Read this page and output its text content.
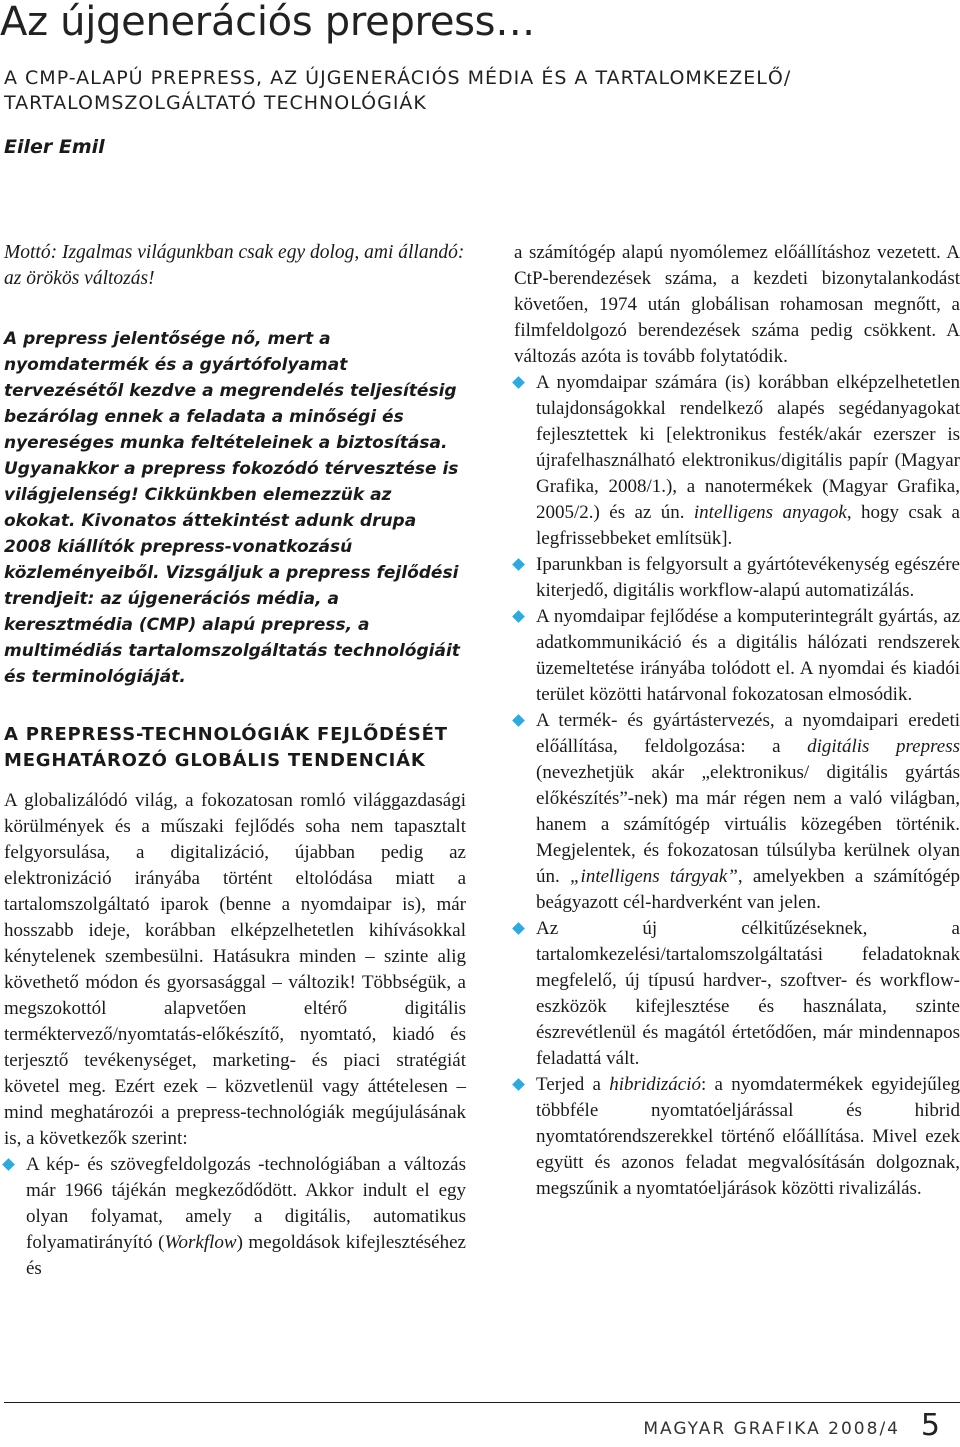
Az újgenerációs prepress…

A CMP-ALAPÚ PREPRESS, AZ ÚJGENERÁCIÓS MÉDIA ÉS A TARTALOMKEZELŐ/ TARTALOMSZOLGÁLTATÓ TECHNOLÓGIÁK

Eiler Emil

Mottó: Izgalmas világunkban csak egy dolog, ami állandó: az örökös változás!

A prepress jelentősége nő, mert a nyomdatermék és a gyártófolyamat tervezésétől kezdve a megrendelés teljesítésig bezárólag ennek a feladata a minőségi és nyereséges munka feltételeinek a biztosítása. Ugyanakkor a prepress fokozódó térvesztése is világjelenség! Cikkünkben elemezzük az okokat. Kivonatos áttekintést adunk drupa 2008 kiállítók prepress-vonatkozású közleményeiből. Vizsgáljuk a prepress fejlődési trendjeit: az újgenerációs média, a keresztmédia (CMP) alapú prepress, a multimédiás tartalomszolgáltatás technológiáit és terminológiáját.

A PREPRESS-TECHNOLÓGIÁK FEJLŐDÉSÉT MEGHATÁROZÓ GLOBÁLIS TENDENCIÁK

A globalizálódó világ, a fokozatosan romló világgazdasági körülmények és a műszaki fejlődés soha nem tapasztalt felgyorsulása, a digitalizáció, újabban pedig az elektronizáció irányába történt eltolódása miatt a tartalomszolgáltató iparok (benne a nyomdaipar is), már hosszabb ideje, korábban elképzelhetetlen kihívásokkal kénytelenek szembesülni. Hatásukra minden – szinte alig követhető módon és gyorsasággal – változik! Többségük, a megszokottól alapvetően eltérő digitális terméktervező/nyomtatás-előkészítő, nyomtató, kiadó és terjesztő tevékenységet, marketing- és piaci stratégiát követel meg. Ezért ezek – közvetlenül vagy áttételesen – mind meghatározói a prepress-technológiák megújulásának is, a következők szerint:

A kép- és szövegfeldolgozás -technológiában a változás már 1966 tájékán megkeződődött. Akkor indult el egy olyan folyamat, amely a digitális, automatikus folyamatirányító (Workflow) megoldások kifejlesztéséhez és

a számítógép alapú nyomólemez előállításhoz vezetett. A CtP-berendezések száma, a kezdeti bizonytalankodást követően, 1974 után globálisan rohamosan megnőtt, a filmfeldolgozó berendezések száma pedig csökkent. A változás azóta is tovább folytatódik.

A nyomdaipar számára (is) korábban elképzelhetetlen tulajdonságokkal rendelkező alapés segédanyagokat fejlesztettek ki [elektronikus festék/akár ezerszer is újrafelhasználható elektronikus/digitális papír (Magyar Grafika, 2008/1.), a nanotermékek (Magyar Grafika, 2005/2.) és az ún. intelligens anyagok, hogy csak a legfrissebbeket említsük].
Iparunkban is felgyorsult a gyártótevékenység egészére kiterjedő, digitális workflow-alapú automatizálás.
A nyomdaipar fejlődése a komputerintegrált gyártás, az adatkommunikáció és a digitális hálózati rendszerek üzemeltetése irányába tolódott el. A nyomdai és kiadói terület közötti határvonal fokozatosan elmosódik.
A termék- és gyártástervezés, a nyomdaipari eredeti előállítása, feldolgozása: a digitális prepress (nevezhetjük akár „elektronikus/ digitális gyártás előkészítés”-nek) ma már régen nem a való világban, hanem a számítógép virtuális közegében történik. Megjelentek, és fokozatosan túlsúlyba kerülnek olyan ún. „intelligens tárgyak”, amelyekben a számítógép beágyazott cél-hardverként van jelen.
Az új célkitűzéseknek, a tartalomkezelési/tartalomszolgáltatási feladatoknak megfelelő, új típusú hardver-, szoftver- és workflow-eszközök kifejlesztése és használata, szinte észrevétlenül és magától értetődően, már mindennapos feladattá vált.
Terjed a hibridizáció: a nyomdatermékek egyidejűleg többféle nyomtatóeljárással és hibrid nyomtatórendszerekkel történő előállítása. Mivel ezek együtt és azonos feladat megvalósításán dolgoznak, megszűnik a nyomtatóeljárások közötti rivalizálás.

MAGYAR GRAFIKA 2008/4 5
